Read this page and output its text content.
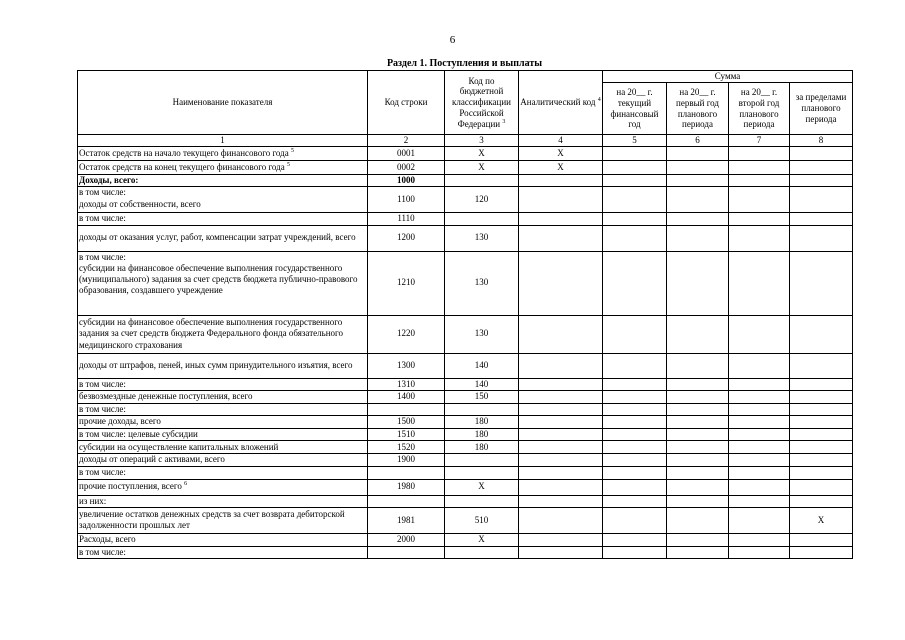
6
Раздел 1. Поступления и выплаты
Наименование показателя	Код строки	Код по бюджетной классификации Российской Федерации $^3$	Аналитический код $^4$	Сумма			
				на 20__ г. текущий финансовый год	на 20__ г. первый год планового периода	на 20__ г. второй год планового периода	за пределами планового периода
1	2	3	4	5	6	7	8
Остаток средств на начало текущего финансового года $^5$	0001	X	X				
Остаток средств на конец текущего финансового года $^5$	0002	X	X				
Доходы, всего:	1000						
в том числе:
доходы от собственности, всего	1100	120					
в том числе:	1110						
доходы от оказания услуг, работ, компенсации затрат учреждений, всего	1200	130					
в том числе:
субсидии на финансовое обеспечение выполнения государственного (муниципального) задания за счет средств бюджета публично-правового образования, создавшего учреждение	1210	130					
субсидии на финансовое обеспечение выполнения государственного задания за счет средств бюджета Федерального фонда обязательного медицинского страхования	1220	130					
доходы от штрафов, пеней, иных сумм принудительного изъятия, всего	1300	140					
в том числе:	1310	140					
безвозмездные денежные поступления, всего	1400	150					
в том числе:							
прочие доходы, всего	1500	180					
в том числе: целевые субсидии	1510	180					
субсидии на осуществление капитальных вложений	1520	180					
доходы от операций с активами, всего	1900						
в том числе:							
прочие поступления, всего $^6$	1980	X					
из них:							
увеличение остатков денежных средств за счет возврата дебиторской задолженности прошлых лет	1981	510					X
Расходы, всего	2000	X					
в том числе:							
